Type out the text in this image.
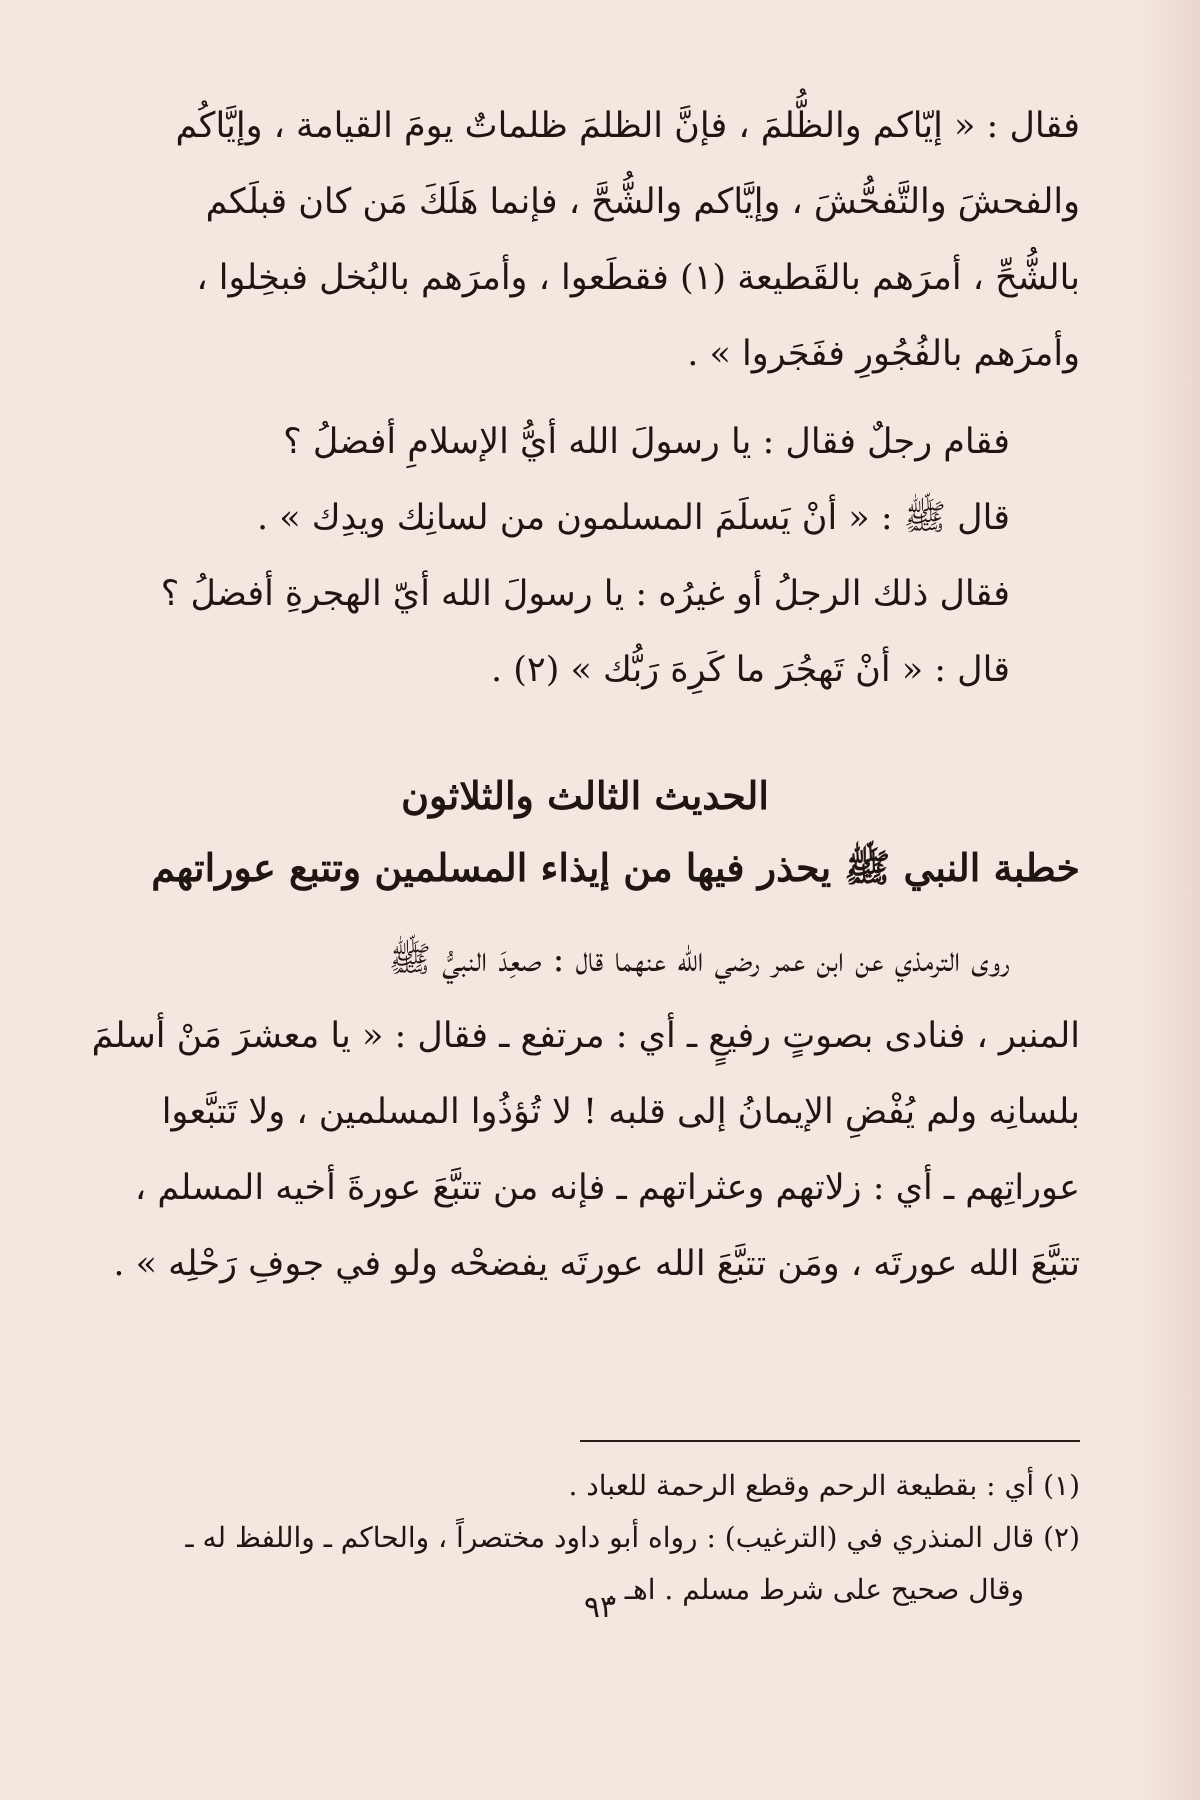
فقال : « إيّاكم والظُّلمَ ، فإنَّ الظلمَ ظلماتٌ يومَ القيامة ، وإيَّاكُم

والفحشَ والتَّفحُّشَ ، وإيَّاكم والشُّحَّ ، فإنما هَلَكَ مَن كان قبلَكم

بالشُّحِّ ، أمرَهم بالقَطيعة (١) فقطَعوا ، وأمرَهم بالبُخل فبخِلوا ،

وأمرَهم بالفُجُورِ ففَجَروا » .

فقام رجلٌ فقال : يا رسولَ الله أيُّ الإسلامِ أفضلُ ؟

قال ﷺ : « أنْ يَسلَمَ المسلمون من لسانِك ويدِك » .

فقال ذلك الرجلُ أو غيرُه : يا رسولَ الله أيّ الهجرةِ أفضلُ ؟

قال : « أنْ تَهجُرَ ما كَرِهَ رَبُّك » (٢) .

الحديث الثالث والثلاثون
خطبة النبي ﷺ يحذر فيها من إيذاء المسلمين وتتبع عوراتهم

روى الترمذي عن ابن عمر رضي الله عنهما قال : صعِدَ النبيُّ ﷺ

المنبر ، فنادى بصوتٍ رفيعٍ ـ أي : مرتفع ـ فقال : « يا معشرَ مَنْ أسلمَ

بلسانِه ولم يُفْضِ الإيمانُ إلى قلبه ! لا تُؤذُوا المسلمين ، ولا تَتبَّعوا

عوراتِهم ـ أي : زلاتهم وعثراتهم ـ فإنه من تتبَّعَ عورةَ أخيه المسلم ،

تتبَّعَ الله عورتَه ، ومَن تتبَّعَ الله عورتَه يفضحْه ولو في جوفِ رَحْلِه » .

(١) أي : بقطيعة الرحم وقطع الرحمة للعباد .

(٢) قال المنذري في (الترغيب) : رواه أبو داود مختصراً ، والحاكم ـ واللفظ له ـ
وقال صحيح على شرط مسلم . اهـ .

٩٣
